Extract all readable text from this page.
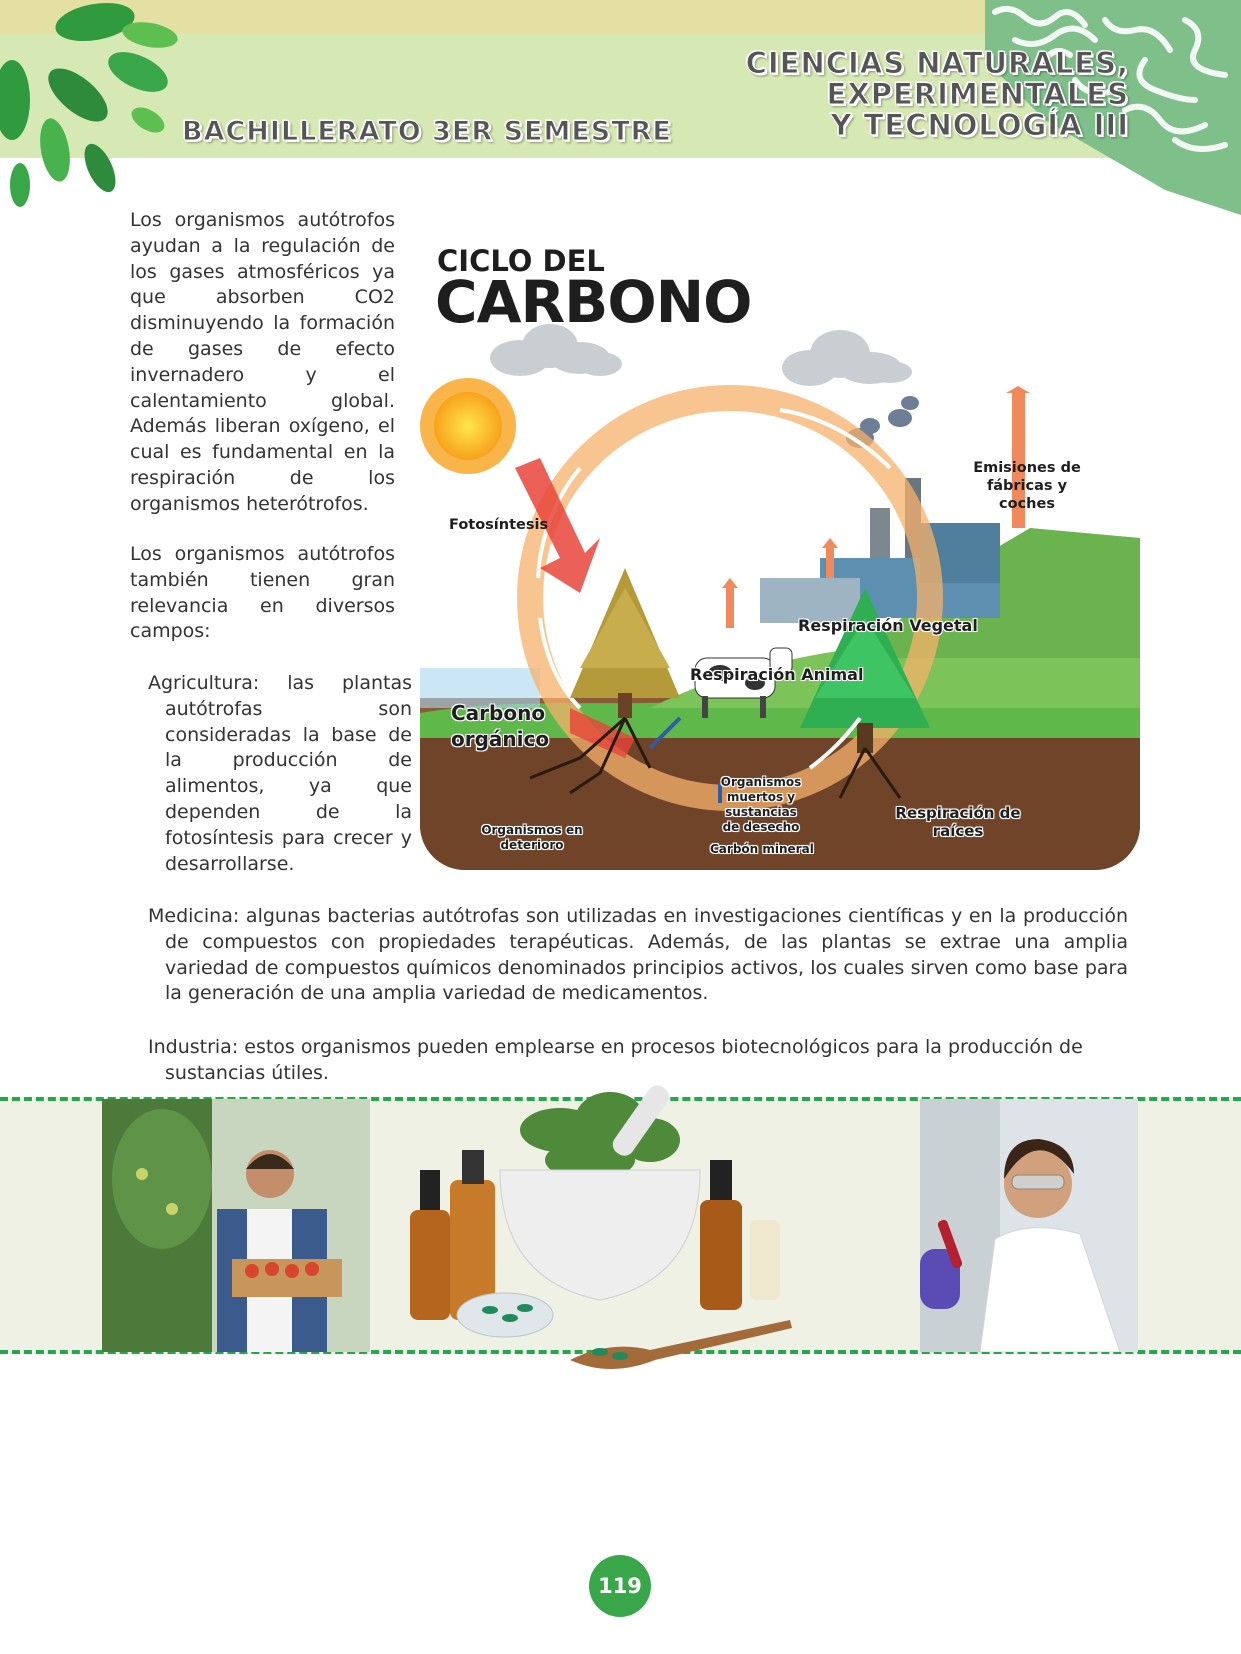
BACHILLERATO 3ER SEMESTRE
CIENCIAS NATURALES,
EXPERIMENTALES
Y TECNOLOGÍA III
Los organismos autótrofos ayudan a la regulación de los gases atmosféricos ya que absorben CO2 disminuyendo la formación de gases de efecto invernadero y el calentamiento global. Además liberan oxígeno, el cual es fundamental en la respiración de los organismos heterótrofos.
Los organismos autótrofos también tienen gran relevancia en diversos campos:
Agricultura: las plantas autótrofas son consideradas la base de la producción de alimentos, ya que dependen de la fotosíntesis para crecer y desarrollarse.
Medicina: algunas bacterias autótrofas son utilizadas en investigaciones científicas y en la producción de compuestos con propiedades terapéuticas. Además, de las plantas se extrae una amplia variedad de compuestos químicos denominados principios activos, los cuales sirven como base para la generación de una amplia variedad de medicamentos.
Industria: estos organismos pueden emplearse en procesos biotecnológicos para la producción de sustancias útiles.
CICLO DEL
CARBONO
CICLOS DEL CO2
Fotosíntesis
Emisiones de
fábricas y
coches
Respiración Vegetal
Respiración Animal
Carbono
orgánico
Organismos
muertos y sustancias
de desecho
Organismos en
deterioro	Carbón mineral
Respiración de
raíces
119
